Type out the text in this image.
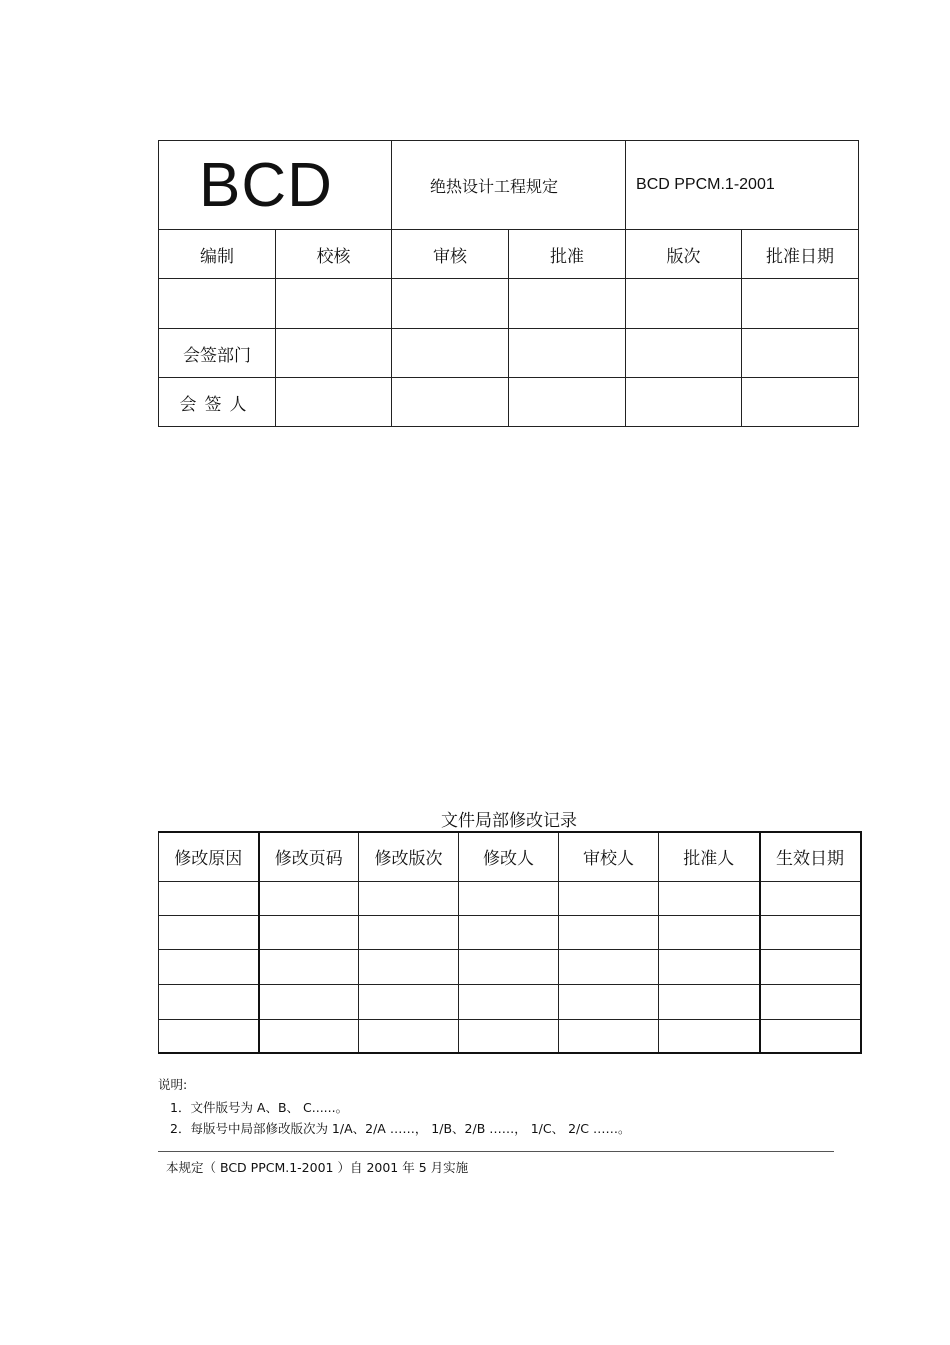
BCD		绝热设计工程规定		BCD PPCM.1-2001	
编制	校核	审核	批准	版次	批准日期

会签部门					
会签人					
文件局部修改记录
修改原因	修改页码	修改版次	修改人	审校人	批准人	生效日期

说明:
1．文件版号为 A、B、 C......。
2．每版号中局部修改版次为 1/A、2/A ……， 1/B、2/B ……， 1/C、 2/C ……。
本规定（ BCD PPCM.1-2001 ）自 2001 年 5 月实施
